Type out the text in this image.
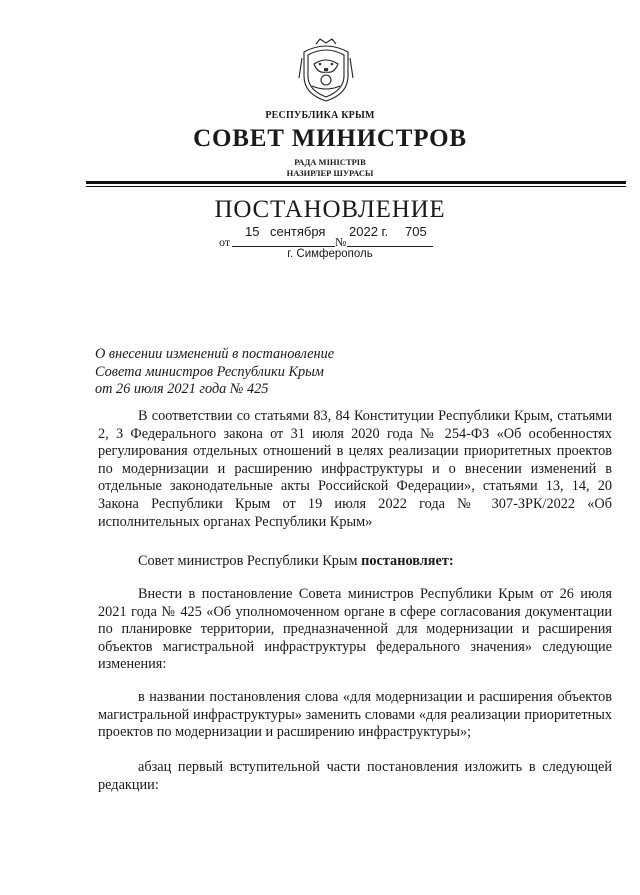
РЕСПУБЛИКА КРЫМ
СОВЕТ МИНИСТРОВ
РАДА МІНІСТРІВ
НАЗИРЛЕР ШУРАСЫ
ПОСТАНОВЛЕНИЕ
от	№
15 сентября 2022 г. 705
г. Симферополь
О внесении изменений в постановление
Совета министров Республики Крым
от 26 июля 2021 года № 425
В соответствии со статьями 83, 84 Конституции Республики Крым, статьями 2, 3 Федерального закона от 31 июля 2020 года № 254-ФЗ «Об особенностях регулирования отдельных отношений в целях реализации приоритетных проектов по модернизации и расширению инфраструктуры и о внесении изменений в отдельные законодательные акты Российской Федерации», статьями 13, 14, 20 Закона Республики Крым от 19 июля 2022 года № 307-ЗРК/2022 «Об исполнительных органах Республики Крым»
Совет министров Республики Крым постановляет:
Внести в постановление Совета министров Республики Крым от 26 июля 2021 года № 425 «Об уполномоченном органе в сфере согласования документации по планировке территории, предназначенной для модернизации и расширения объектов магистральной инфраструктуры федерального значения» следующие изменения:
в названии постановления слова «для модернизации и расширения объектов магистральной инфраструктуры» заменить словами «для реализации приоритетных проектов по модернизации и расширению инфраструктуры»;
абзац первый вступительной части постановления изложить в следующей редакции:
